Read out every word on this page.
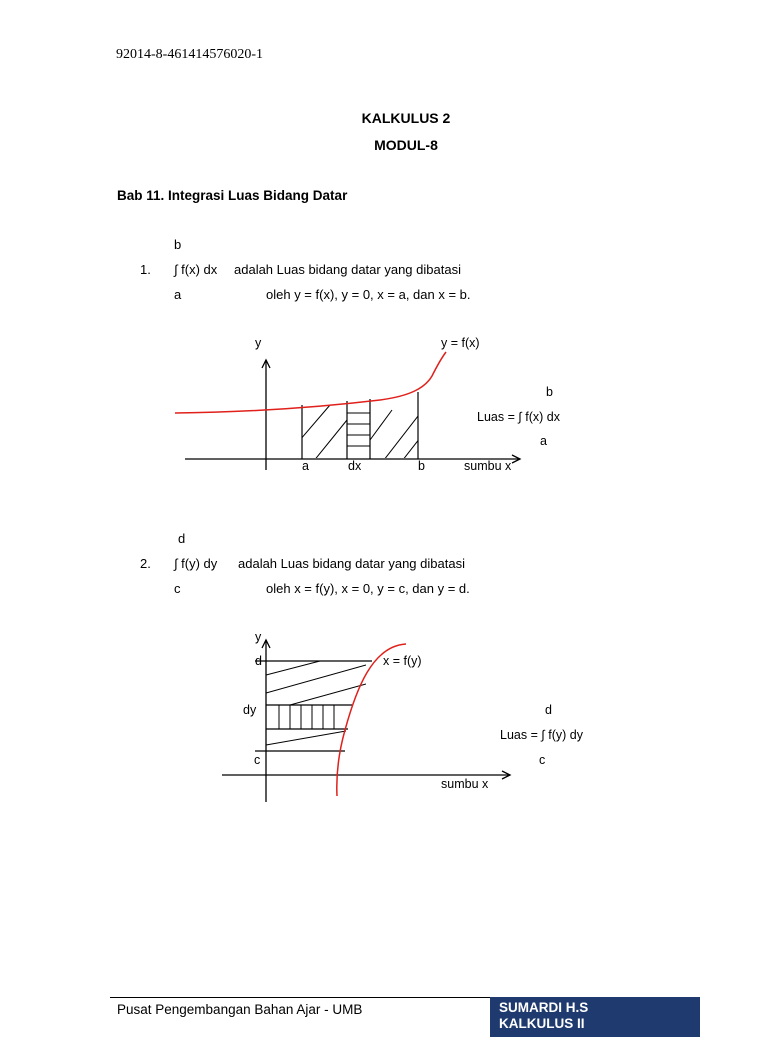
92014-8-461414576020-1
KALKULUS 2
MODUL-8
Bab 11. Integrasi Luas Bidang Datar
b
1. ∫ f(x) dx adalah Luas bidang datar yang dibatasi
a	oleh y = f(x), y = 0, x = a, dan x = b.
y	y = f(x)
a	dx	b	sumbu x
b
Luas = ∫ f(x) dx
a
d
2. ∫ f(y) dy adalah Luas bidang datar yang dibatasi
c	oleh x = f(y), x = 0, y = c, dan y = d.
y
d	x = f(y)
dy
c
sumbu x
d
Luas = ∫ f(y) dy
c
Pusat Pengembangan Bahan Ajar - UMB	SUMARDI H.S
KALKULUS II
